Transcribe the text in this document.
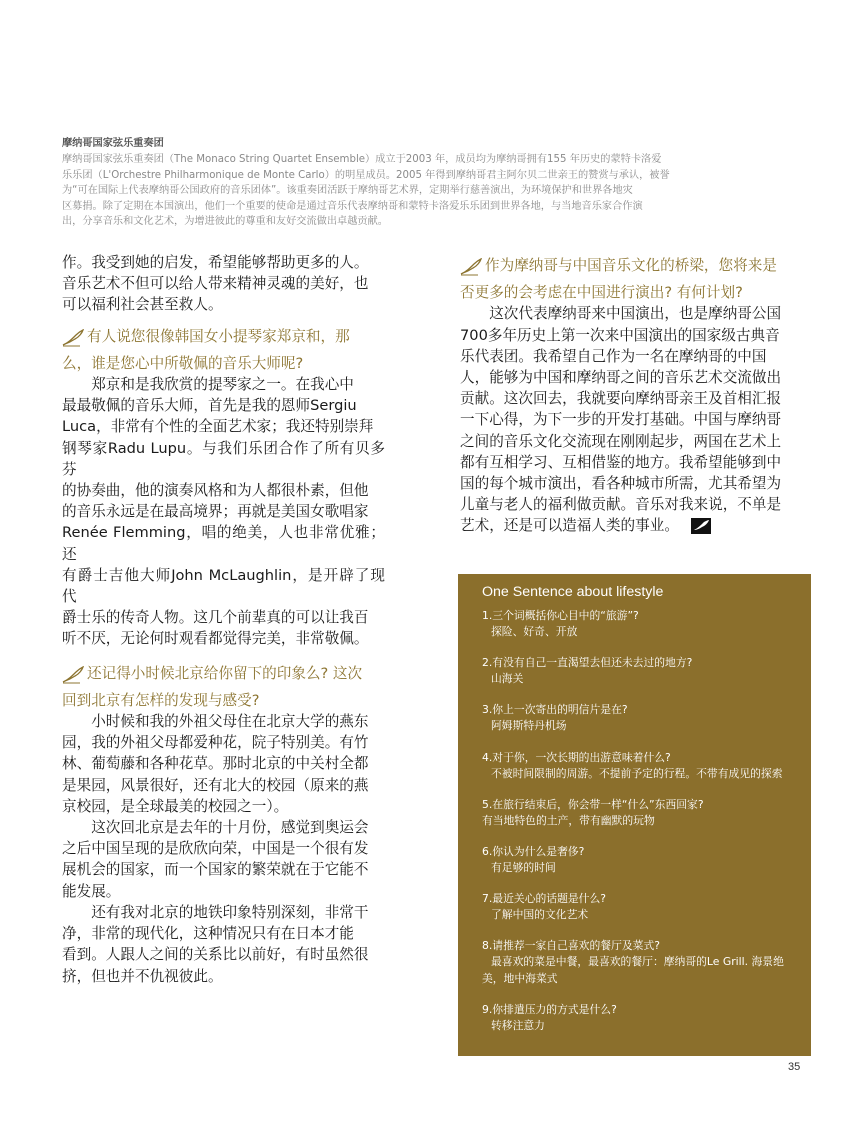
摩纳哥国家弦乐重奏团
摩纳哥国家弦乐重奏团（The Monaco String Quartet Ensemble）成立于2003 年，成员均为摩纳哥拥有155 年历史的蒙特卡洛爱
乐乐团（L'Orchestre Philharmonique de Monte Carlo）的明星成员。2005 年得到摩纳哥君主阿尔贝二世亲王的赞赏与承认，被誉
为“可在国际上代表摩纳哥公国政府的音乐团体”。该重奏团活跃于摩纳哥艺术界，定期举行慈善演出，为环境保护和世界各地灾
区募捐。除了定期在本国演出，他们一个重要的使命是通过音乐代表摩纳哥和蒙特卡洛爱乐乐团到世界各地，与当地音乐家合作演
出，分享音乐和文化艺术，为增进彼此的尊重和友好交流做出卓越贡献。

作。我受到她的启发，希望能够帮助更多的人。

音乐艺术不但可以给人带来精神灵魂的美好，也

可以福利社会甚至救人。

有人说您很像韩国女小提琴家郑京和，那

么，谁是您心中所敬佩的音乐大师呢?

郑京和是我欣赏的提琴家之一。在我心中

最最敬佩的音乐大师，首先是我的恩师Sergiu

Luca，非常有个性的全面艺术家；我还特别崇拜

钢琴家Radu Lupu。与我们乐团合作了所有贝多芬

的协奏曲，他的演奏风格和为人都很朴素，但他

的音乐永远是在最高境界；再就是美国女歌唱家

Renée Flemming，唱的绝美，人也非常优雅；还

有爵士吉他大师John McLaughlin，是开辟了现代

爵士乐的传奇人物。这几个前辈真的可以让我百

听不厌，无论何时观看都觉得完美，非常敬佩。

还记得小时候北京给你留下的印象么? 这次

回到北京有怎样的发现与感受?

小时候和我的外祖父母住在北京大学的燕东

园，我的外祖父母都爱种花，院子特别美。有竹

林、葡萄藤和各种花草。那时北京的中关村全都

是果园，风景很好，还有北大的校园（原来的燕

京校园，是全球最美的校园之一）。

这次回北京是去年的十月份，感觉到奥运会

之后中国呈现的是欣欣向荣，中国是一个很有发

展机会的国家，而一个国家的繁荣就在于它能不

能发展。

还有我对北京的地铁印象特别深刻，非常干

净，非常的现代化，这种情况只有在日本才能

看到。人跟人之间的关系比以前好，有时虽然很

挤，但也并不仇视彼此。

作为摩纳哥与中国音乐文化的桥梁，您将来是

否更多的会考虑在中国进行演出? 有何计划?

这次代表摩纳哥来中国演出，也是摩纳哥公国

700多年历史上第一次来中国演出的国家级古典音

乐代表团。我希望自己作为一名在摩纳哥的中国

人，能够为中国和摩纳哥之间的音乐艺术交流做出

贡献。这次回去，我就要向摩纳哥亲王及首相汇报

一下心得，为下一步的开发打基础。中国与摩纳哥

之间的音乐文化交流现在刚刚起步，两国在艺术上

都有互相学习、互相借鉴的地方。我希望能够到中

国的每个城市演出，看各种城市所需，尤其希望为

儿童与老人的福利做贡献。音乐对我来说，不单是

艺术，还是可以造福人类的事业。

One Sentence about lifestyle
1.三个词概括你心目中的“旅游”?
探险、好奇、开放
2.有没有自己一直渴望去但还未去过的地方?
山海关
3.你上一次寄出的明信片是在?
阿姆斯特丹机场
4.对于你，一次长期的出游意味着什么?
不被时间限制的周游。不提前予定的行程。不带有成见的探索
5.在旅行结束后，你会带一样“什么”东西回家?
有当地特色的土产，带有幽默的玩物
6.你认为什么是奢侈?
有足够的时间
7.最近关心的话题是什么?
了解中国的文化艺术
8.请推荐一家自己喜欢的餐厅及菜式?
最喜欢的菜是中餐，最喜欢的餐厅：摩纳哥的Le Grill. 海景绝
美，地中海菜式
9.你排遣压力的方式是什么?
转移注意力
35
